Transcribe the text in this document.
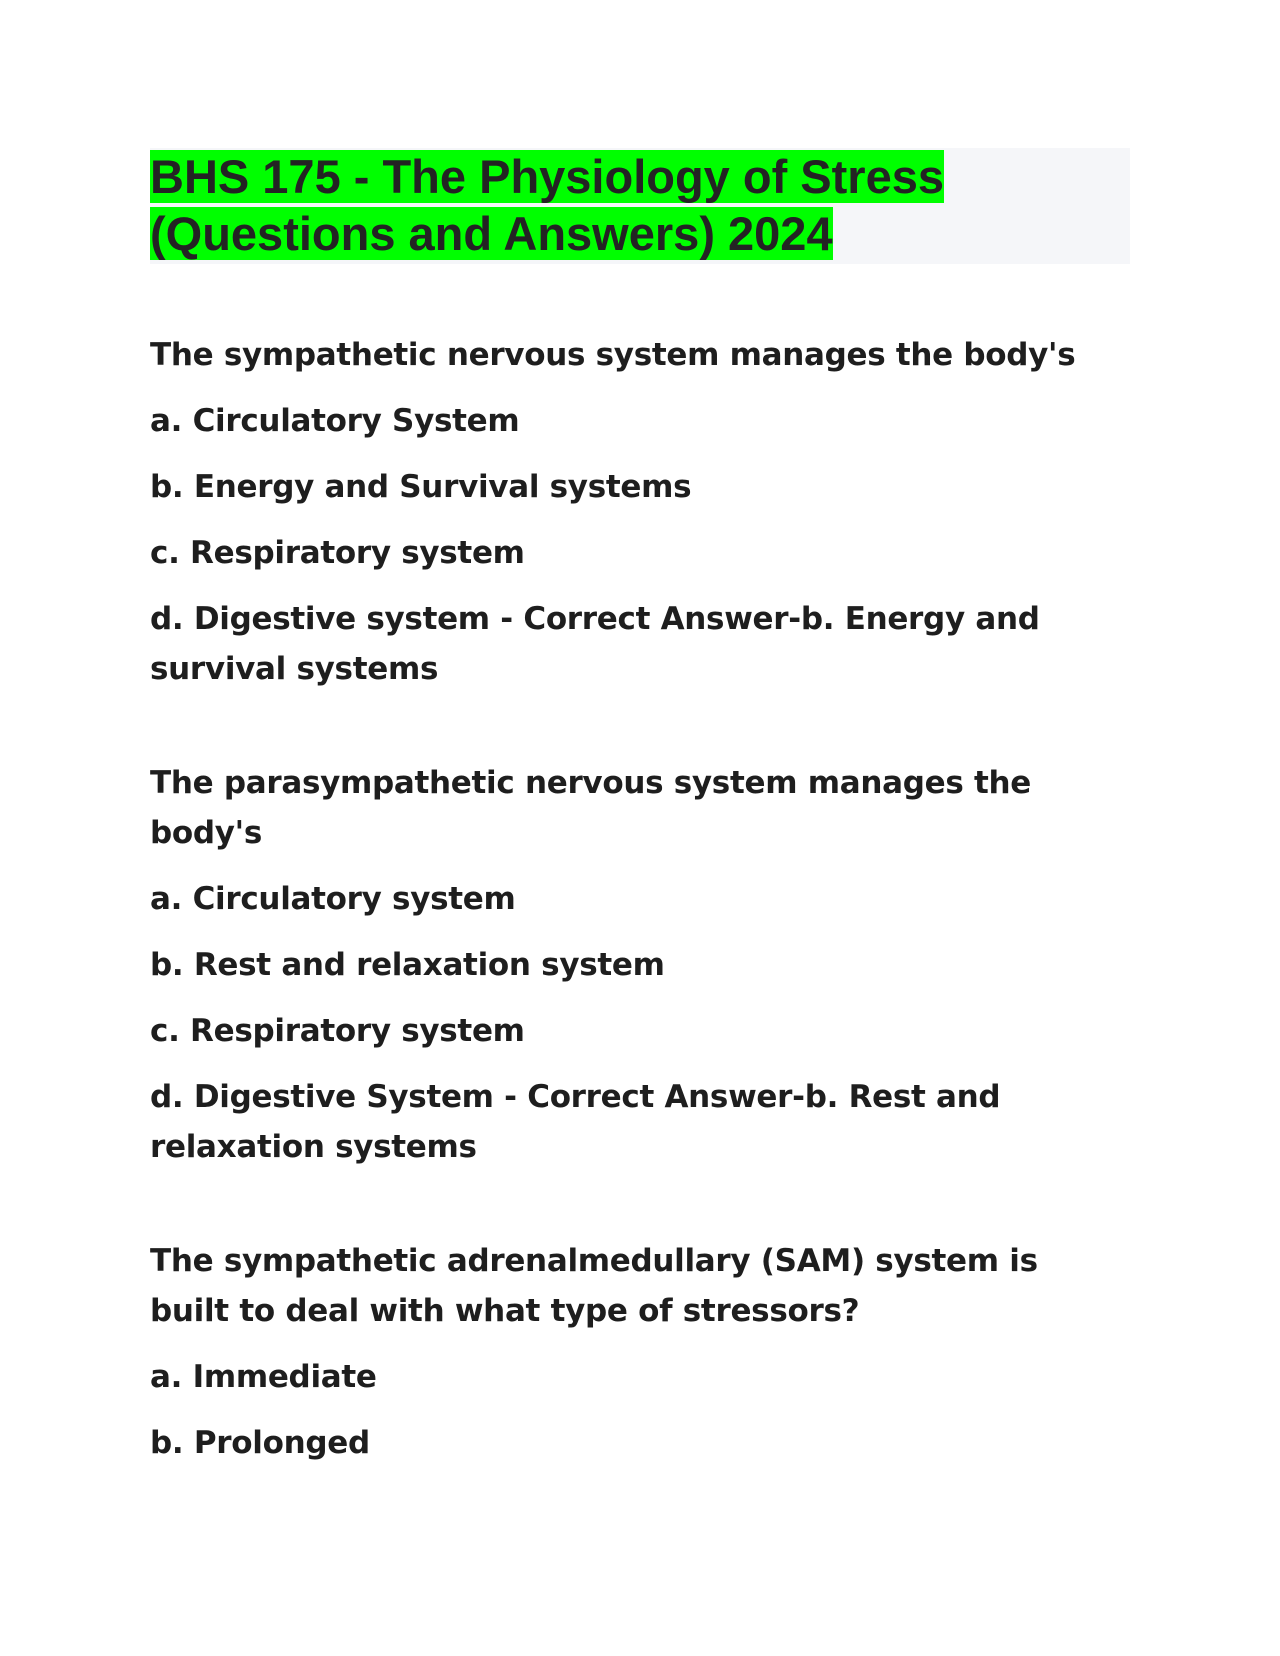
BHS 175 - The Physiology of Stress
(Questions and Answers) 2024

The sympathetic nervous system manages the body's

a. Circulatory System

b. Energy and Survival systems

c. Respiratory system

d. Digestive system - Correct Answer-b. Energy and survival systems

The parasympathetic nervous system manages the body's

a. Circulatory system

b. Rest and relaxation system

c. Respiratory system

d. Digestive System - Correct Answer-b. Rest and relaxation systems

The sympathetic adrenalmedullary (SAM) system is built to deal with what type of stressors?

a. Immediate

b. Prolonged
